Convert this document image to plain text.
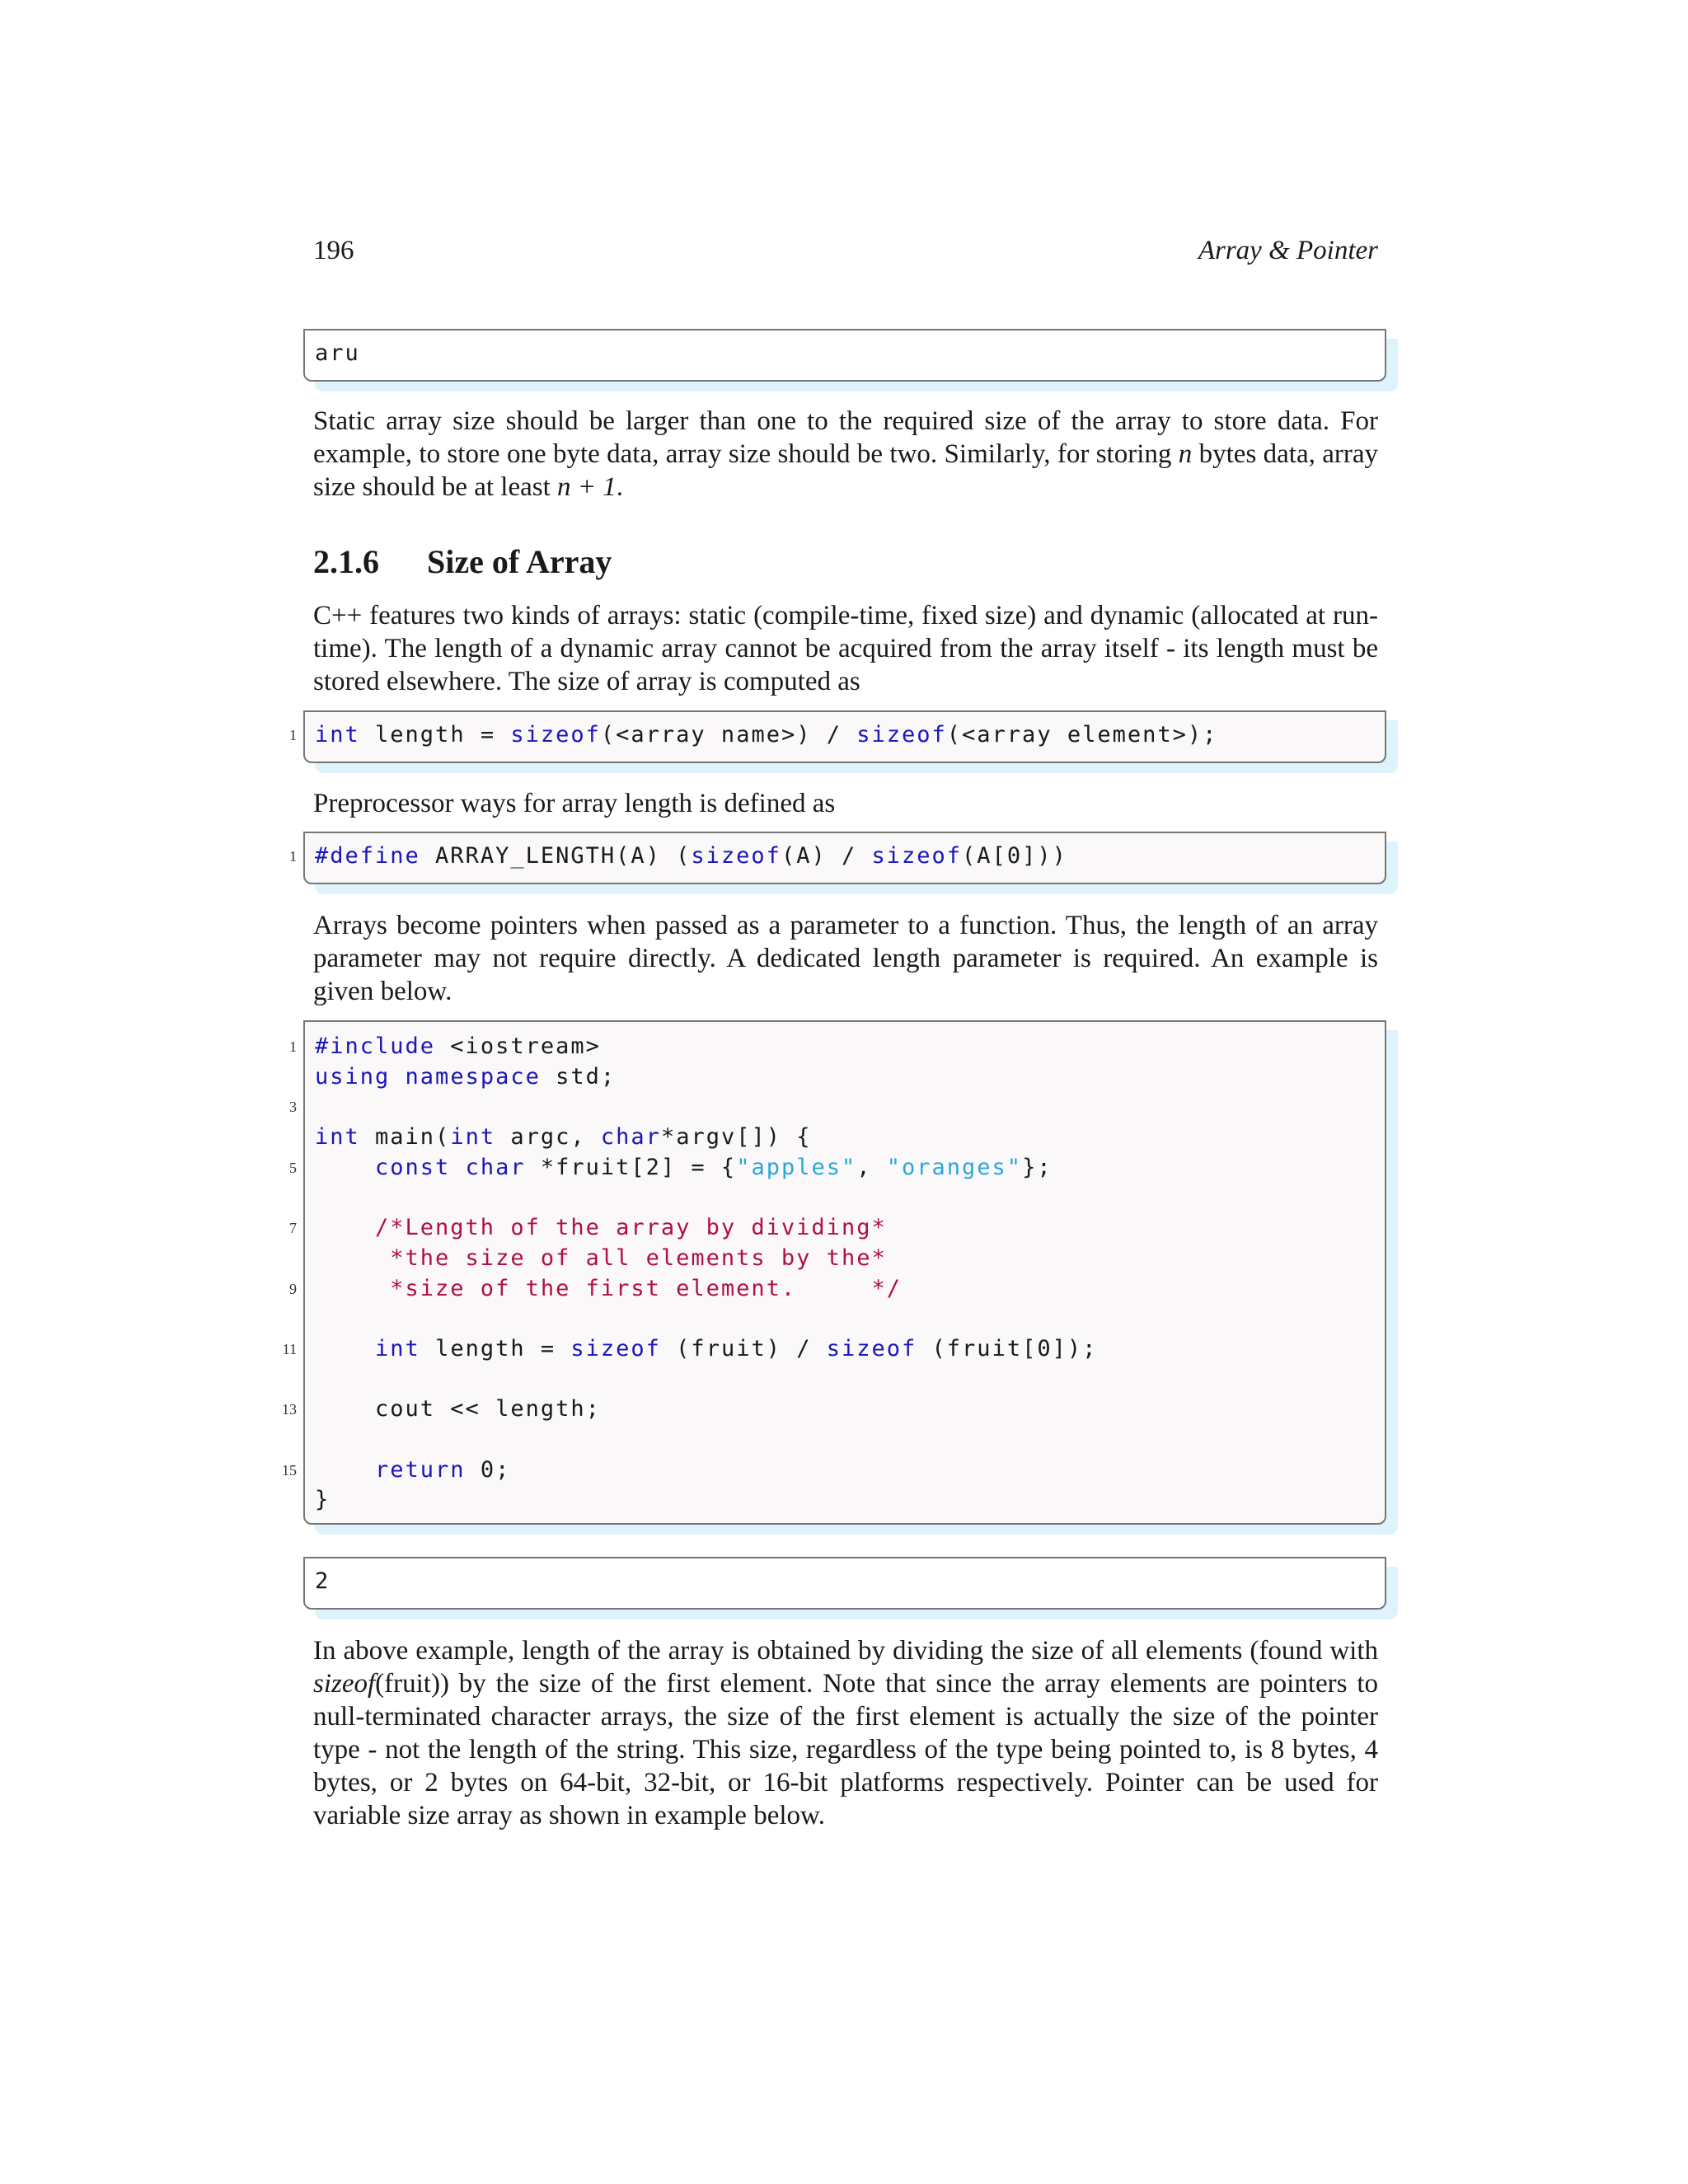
196	Array & Pointer
aru

Static array size should be larger than one to the required size of the array to store data. For example, to store one byte data, array size should be two. Similarly, for storing n bytes data, array size should be at least n + 1.

2.1.6 Size of Array

C++ features two kinds of arrays: static (compile-time, fixed size) and dynamic (allocated at run-time). The length of a dynamic array cannot be acquired from the array itself - its length must be stored elsewhere. The size of array is computed as

1 int length = sizeof(<array name>) / sizeof(<array element>);

Preprocessor ways for array length is defined as

1 #define ARRAY_LENGTH(A) (sizeof(A) / sizeof(A[0]))

Arrays become pointers when passed as a parameter to a function. Thus, the length of an array parameter may not require directly. A dedicated length parameter is required. An example is given below.

1 #include <iostream>
using namespace std;
3
int main(int argc, char*argv[]) {
5	const char *fruit[2] = {"apples", "oranges"};
7 /*Length of the array by dividing*
*the size of all elements by the*
9 *size of the first element.     */
11	int length = sizeof (fruit) / sizeof (fruit[0]);
13 cout << length;
15	return 0;
}
2

In above example, length of the array is obtained by dividing the size of all elements (found with sizeof(fruit)) by the size of the first element. Note that since the array elements are pointers to null-terminated character arrays, the size of the first element is actually the size of the pointer type - not the length of the string. This size, regardless of the type being pointed to, is 8 bytes, 4 bytes, or 2 bytes on 64-bit, 32-bit, or 16-bit platforms respectively. Pointer can be used for variable size array as shown in example below.
